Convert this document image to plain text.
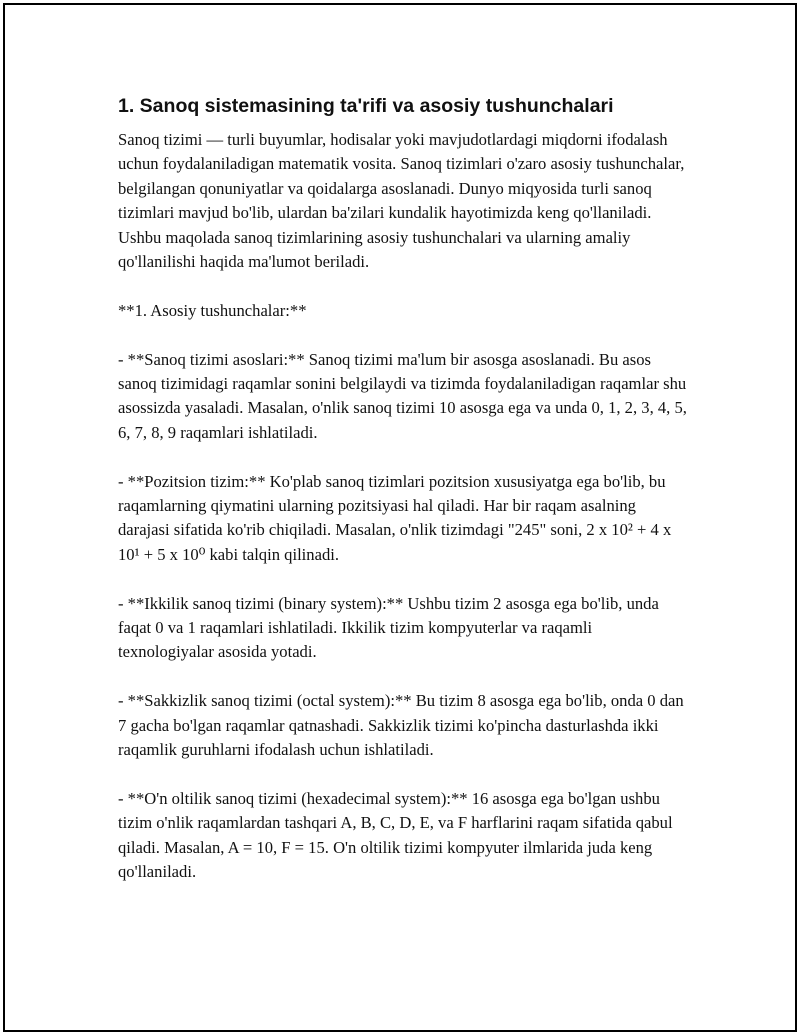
1. Sanoq sistemasining ta'rifi va asosiy tushunchalari

Sanoq tizimi — turli buyumlar, hodisalar yoki mavjudotlardagi miqdorni ifodalash uchun foydalaniladigan matematik vosita. Sanoq tizimlari o'zaro asosiy tushunchalar, belgilangan qonuniyatlar va qoidalarga asoslanadi. Dunyo miqyosida turli sanoq tizimlari mavjud bo'lib, ulardan ba'zilari kundalik hayotimizda keng qo'llaniladi. Ushbu maqolada sanoq tizimlarining asosiy tushunchalari va ularning amaliy qo'llanilishi haqida ma'lumot beriladi.

**1. Asosiy tushunchalar:**

- **Sanoq tizimi asoslari:** Sanoq tizimi ma'lum bir asosga asoslanadi. Bu asos sanoq tizimidagi raqamlar sonini belgilaydi va tizimda foydalaniladigan raqamlar shu asossizda yasaladi. Masalan, o'nlik sanoq tizimi 10 asosga ega va unda 0, 1, 2, 3, 4, 5, 6, 7, 8, 9 raqamlari ishlatiladi.

- **Pozitsion tizim:** Ko'plab sanoq tizimlari pozitsion xususiyatga ega bo'lib, bu raqamlarning qiymatini ularning pozitsiyasi hal qiladi. Har bir raqam asalning darajasi sifatida ko'rib chiqiladi. Masalan, o'nlik tizimdagi "245" soni, 2 x 10² + 4 x 10¹ + 5 x 10⁰ kabi talqin qilinadi.

- **Ikkilik sanoq tizimi (binary system):** Ushbu tizim 2 asosga ega bo'lib, unda faqat 0 va 1 raqamlari ishlatiladi. Ikkilik tizim kompyuterlar va raqamli texnologiyalar asosida yotadi.

- **Sakkizlik sanoq tizimi (octal system):** Bu tizim 8 asosga ega bo'lib, onda 0 dan 7 gacha bo'lgan raqamlar qatnashadi. Sakkizlik tizimi ko'pincha dasturlashda ikki raqamlik guruhlarni ifodalash uchun ishlatiladi.

- **O'n oltilik sanoq tizimi (hexadecimal system):** 16 asosga ega bo'lgan ushbu tizim o'nlik raqamlardan tashqari A, B, C, D, E, va F harflarini raqam sifatida qabul qiladi. Masalan, A = 10, F = 15. O'n oltilik tizimi kompyuter ilmlarida juda keng qo'llaniladi.
